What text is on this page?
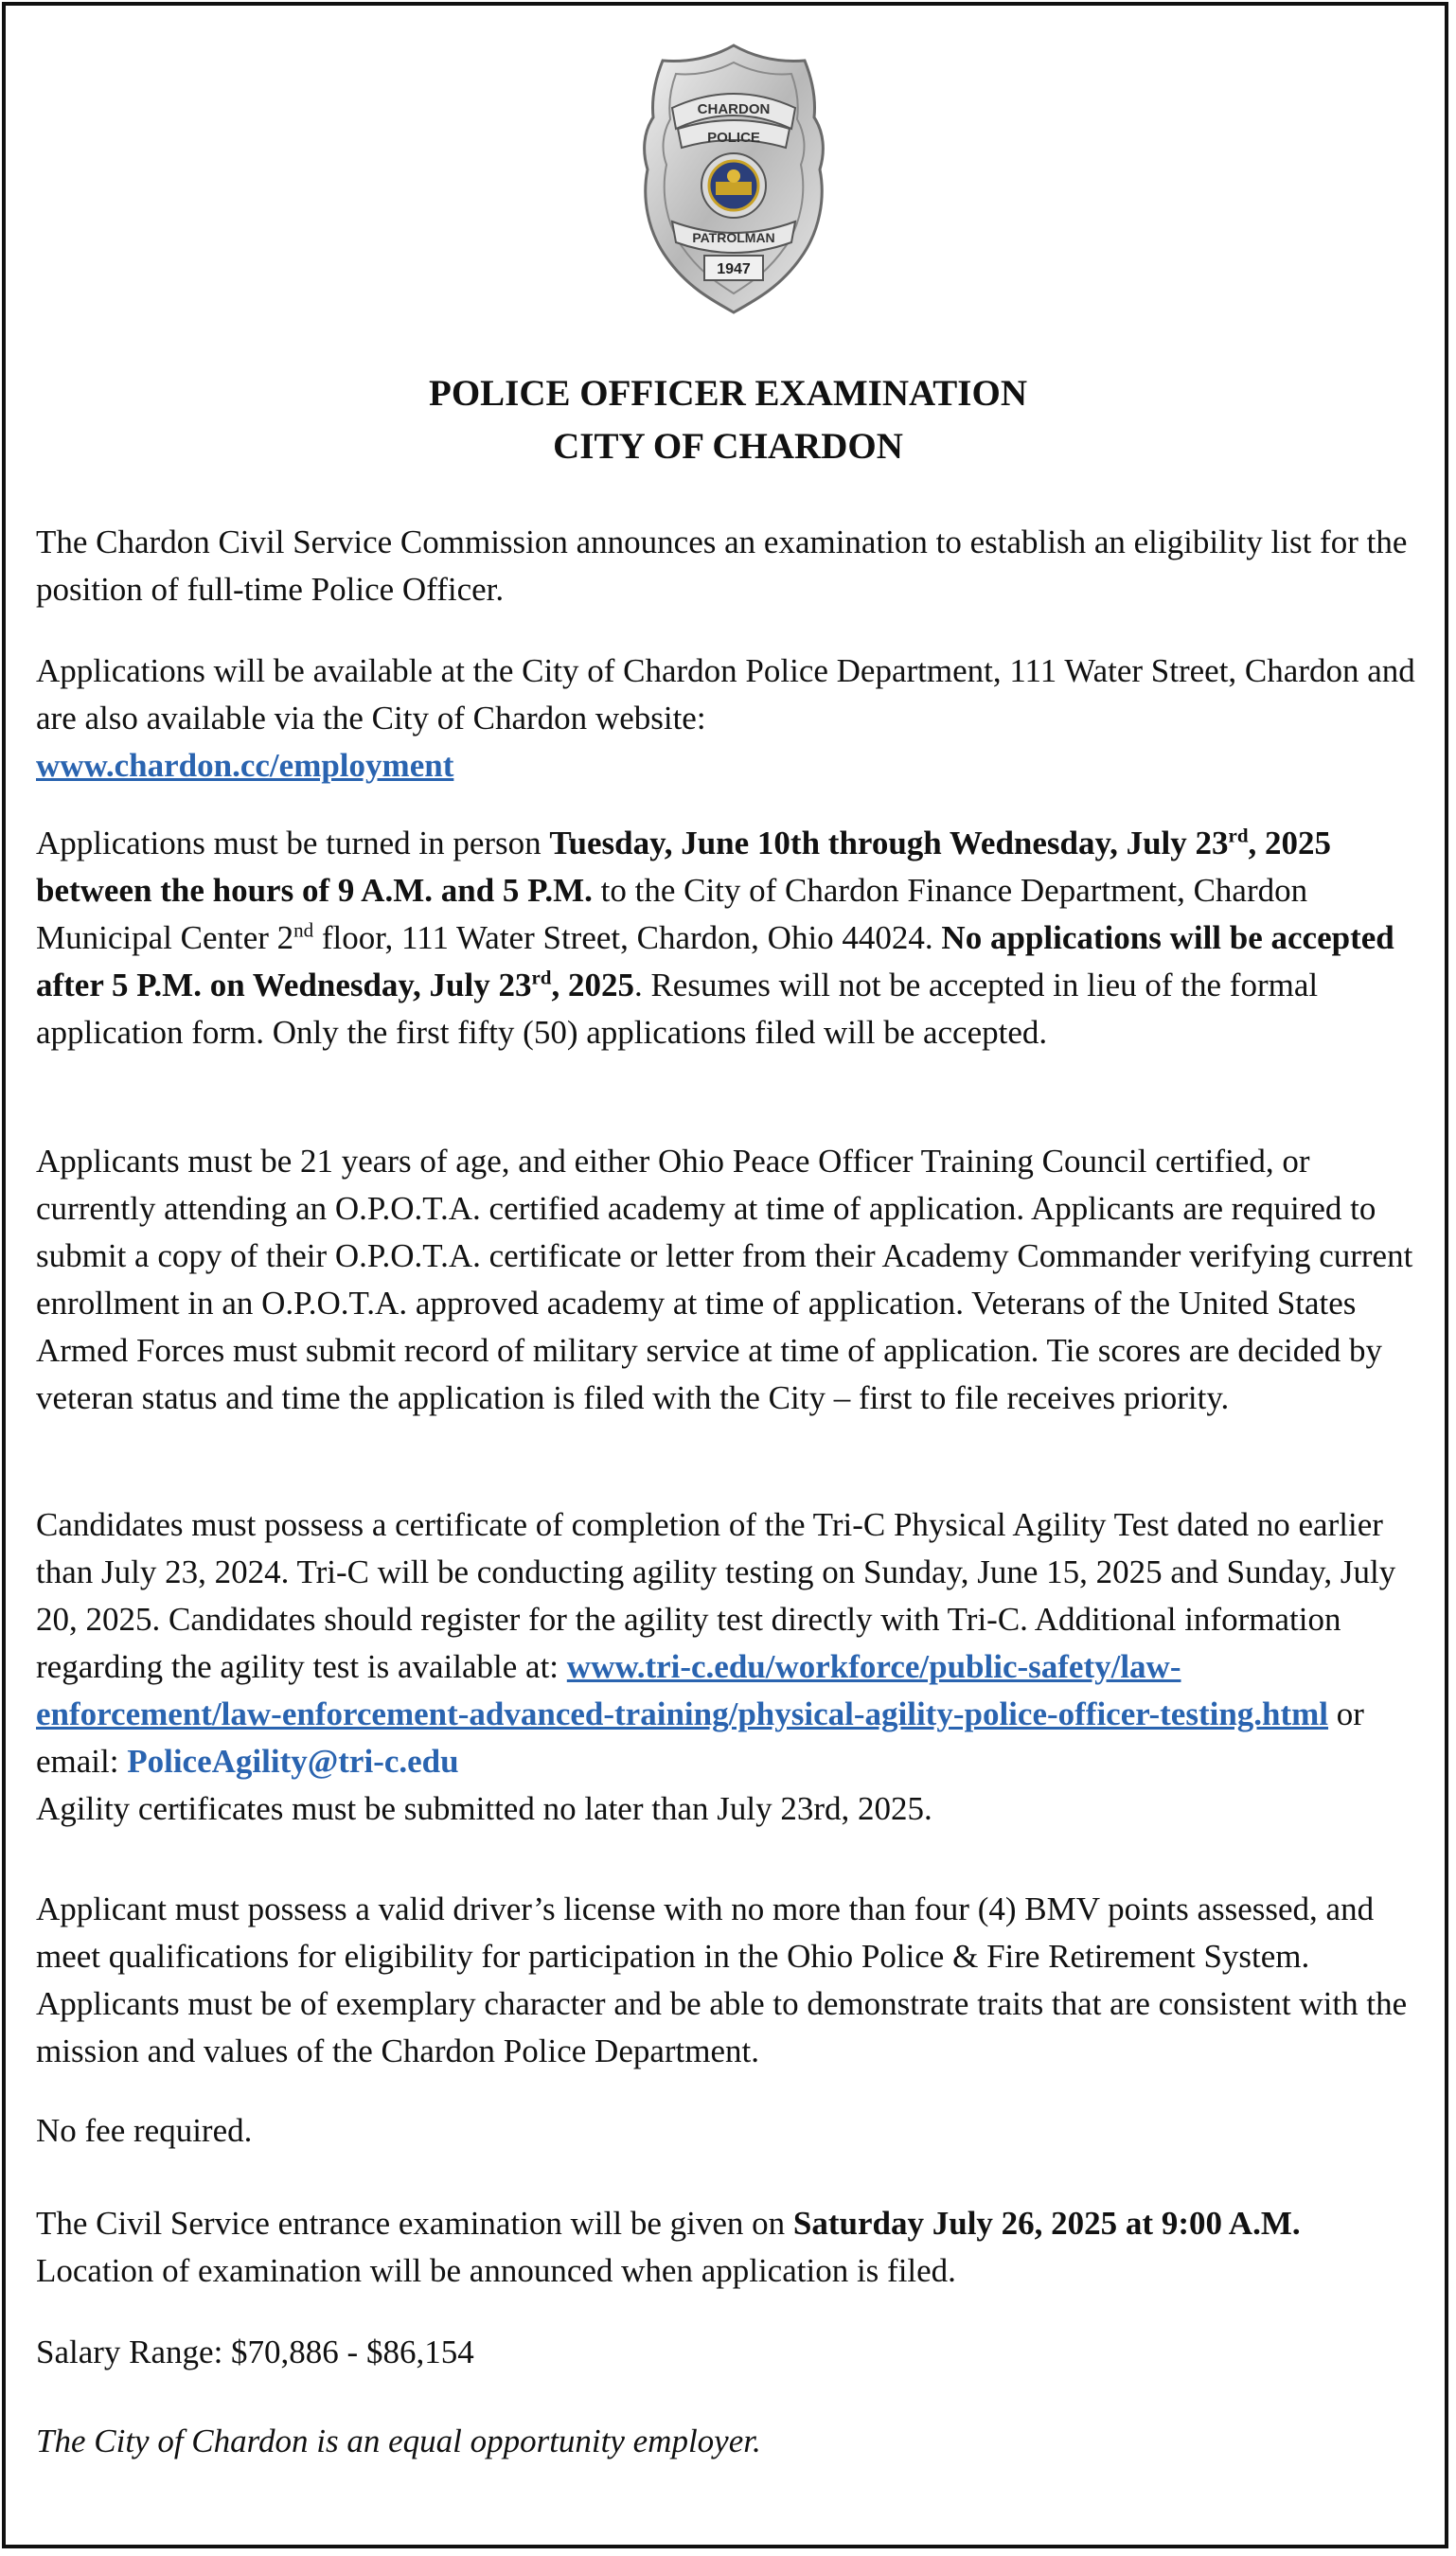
CHARDON
POLICE
PATROLMAN
1947
POLICE OFFICER EXAMINATION
CITY OF CHARDON

The Chardon Civil Service Commission announces an examination to establish an eligibility list for the position of full-time Police Officer.

Applications will be available at the City of Chardon Police Department, 111 Water Street, Chardon and are also available via the City of Chardon website:
www.chardon.cc/employment

Applications must be turned in person Tuesday, June 10th through Wednesday, July 23rd, 2025 between the hours of 9 A.M. and 5 P.M. to the City of Chardon Finance Department, Chardon Municipal Center 2nd floor, 111 Water Street, Chardon, Ohio 44024. No applications will be accepted after 5 P.M. on Wednesday, July 23rd, 2025. Resumes will not be accepted in lieu of the formal application form. Only the first fifty (50) applications filed will be accepted.

Applicants must be 21 years of age, and either Ohio Peace Officer Training Council certified, or currently attending an O.P.O.T.A. certified academy at time of application. Applicants are required to submit a copy of their O.P.O.T.A. certificate or letter from their Academy Commander verifying current enrollment in an O.P.O.T.A. approved academy at time of application. Veterans of the United States Armed Forces must submit record of military service at time of application. Tie scores are decided by veteran status and time the application is filed with the City – first to file receives priority.

Candidates must possess a certificate of completion of the Tri-C Physical Agility Test dated no earlier than July 23, 2024. Tri-C will be conducting agility testing on Sunday, June 15, 2025 and Sunday, July 20, 2025. Candidates should register for the agility test directly with Tri-C. Additional information regarding the agility test is available at: www.tri-c.edu/workforce/public-safety/law-enforcement/law-enforcement-advanced-training/physical-agility-police-officer-testing.html or email: PoliceAgility@tri-c.edu
Agility certificates must be submitted no later than July 23rd, 2025.

Applicant must possess a valid driver’s license with no more than four (4) BMV points assessed, and meet qualifications for eligibility for participation in the Ohio Police & Fire Retirement System. Applicants must be of exemplary character and be able to demonstrate traits that are consistent with the mission and values of the Chardon Police Department.

No fee required.

The Civil Service entrance examination will be given on Saturday July 26, 2025 at 9:00 A.M. Location of examination will be announced when application is filed.

Salary Range: $70,886 - $86,154

The City of Chardon is an equal opportunity employer.
